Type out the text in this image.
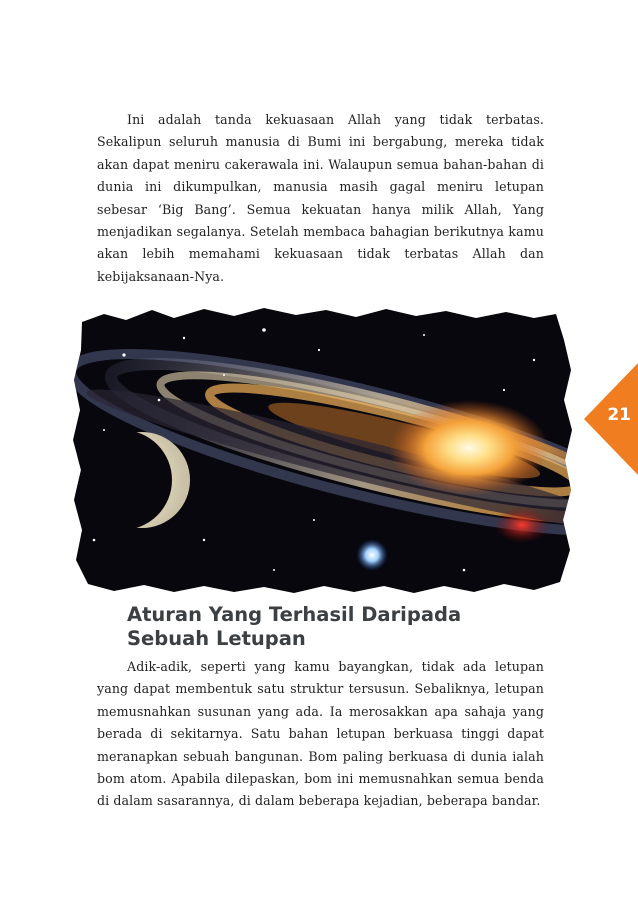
Ini adalah tanda kekuasaan Allah yang tidak terbatas. Sekalipun seluruh manusia di Bumi ini bergabung, mereka tidak akan dapat meniru cakerawala ini. Walaupun semua bahan-bahan di dunia ini dikumpulkan, manusia masih gagal meniru letupan sebesar ‘Big Bang’. Semua kekuatan hanya milik Allah, Yang menjadikan segalanya. Setelah membaca bahagian berikutnya kamu akan lebih memahami kekuasaan tidak terbatas Allah dan kebijaksanaan-Nya.

Aturan Yang Terhasil Daripada
Sebuah Letupan

Adik-adik, seperti yang kamu bayangkan, tidak ada letupan yang dapat membentuk satu struktur tersusun. Sebaliknya, letupan memusnahkan susunan yang ada. Ia merosakkan apa sahaja yang berada di sekitarnya. Satu bahan letupan berkuasa tinggi dapat meranapkan sebuah bangunan. Bom paling berkuasa di dunia ialah bom atom. Apabila dilepaskan, bom ini memusnahkan semua benda di dalam sasarannya, di dalam beberapa kejadian, beberapa bandar.

21
